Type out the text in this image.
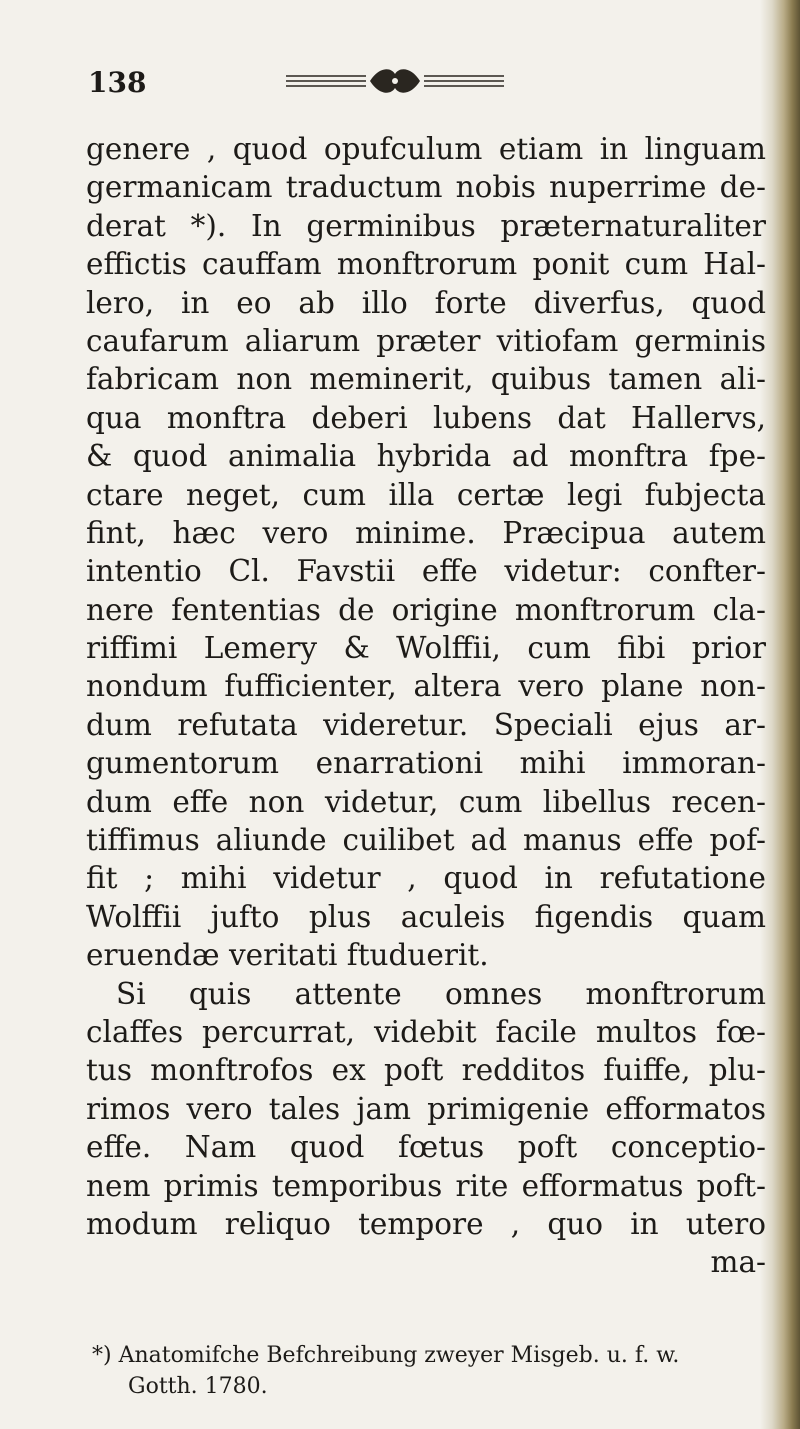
138
genere , quod opufculum etiam in linguam
germanicam traductum nobis nuperrime de-
derat *). In germinibus præternaturaliter
effictis cauffam monftrorum ponit cum Hal-
lero, in eo ab illo forte diverfus, quod
caufarum aliarum præter vitiofam germinis
fabricam non meminerit, quibus tamen ali-
qua monftra deberi lubens dat Hallervs,
& quod animalia hybrida ad monftra fpe-
ctare neget, cum illa certæ legi fubjecta
fint, hæc vero minime. Præcipua autem
intentio Cl. Favstii effe videtur: confter-
nere fententias de origine monftrorum cla-
riffimi Lemery & Wolffii, cum fibi prior
nondum fufficienter, altera vero plane non-
dum refutata videretur. Speciali ejus ar-
gumentorum enarrationi mihi immoran-
dum effe non videtur, cum libellus recen-
tiffimus aliunde cuilibet ad manus effe pof-
fit ; mihi videtur , quod in refutatione
Wolffii jufto plus aculeis figendis quam
eruendæ veritati ftuduerit.
Si quis attente omnes monftrorum
claffes percurrat, videbit facile multos fœ-
tus monftrofos ex poft redditos fuiffe, plu-
rimos vero tales jam primigenie efformatos
effe. Nam quod fœtus poft conceptio-
nem primis temporibus rite efformatus poft-
modum reliquo tempore , quo in utero
ma-
*) Anatomifche Befchreibung zweyer Misgeb. u. f. w.
Gotth. 1780.
